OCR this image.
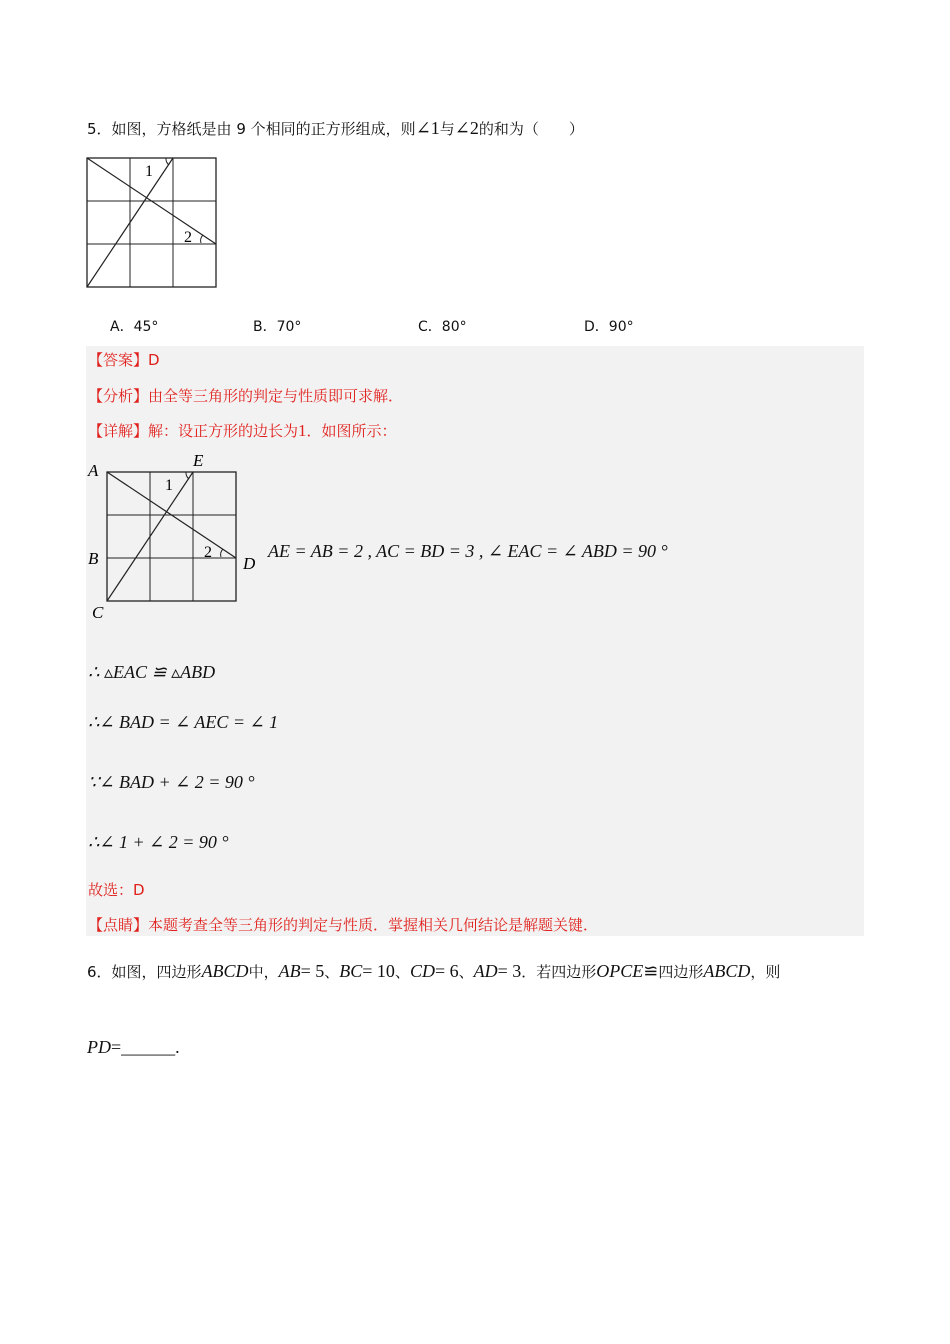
5．如图，方格纸是由 9 个相同的正方形组成，则∠1与∠2的和为（　　）
1
2
A．45°	B．70°	C．80°	D．90°
【答案】D
【分析】由全等三角形的判定与性质即可求解．
【详解】解：设正方形的边长为1．如图所示：
A
E
B	D
C
1
2	AE = AB = 2 , AC = BD = 3 , ∠ EAC = ∠ ABD = 90 °
∴ ▵EAC ≌ ▵ABD
∴∠ BAD = ∠ AEC = ∠ 1
∵∠ BAD + ∠ 2 = 90 °
∴∠ 1 + ∠ 2 = 90 °
故选：D
【点睛】本题考查全等三角形的判定与性质．掌握相关几何结论是解题关键．
6．如图，四边形ABCD中，AB= 5、BC= 10、CD= 6、AD= 3．若四边形OPCE≌四边形ABCD，则
PD=______.
